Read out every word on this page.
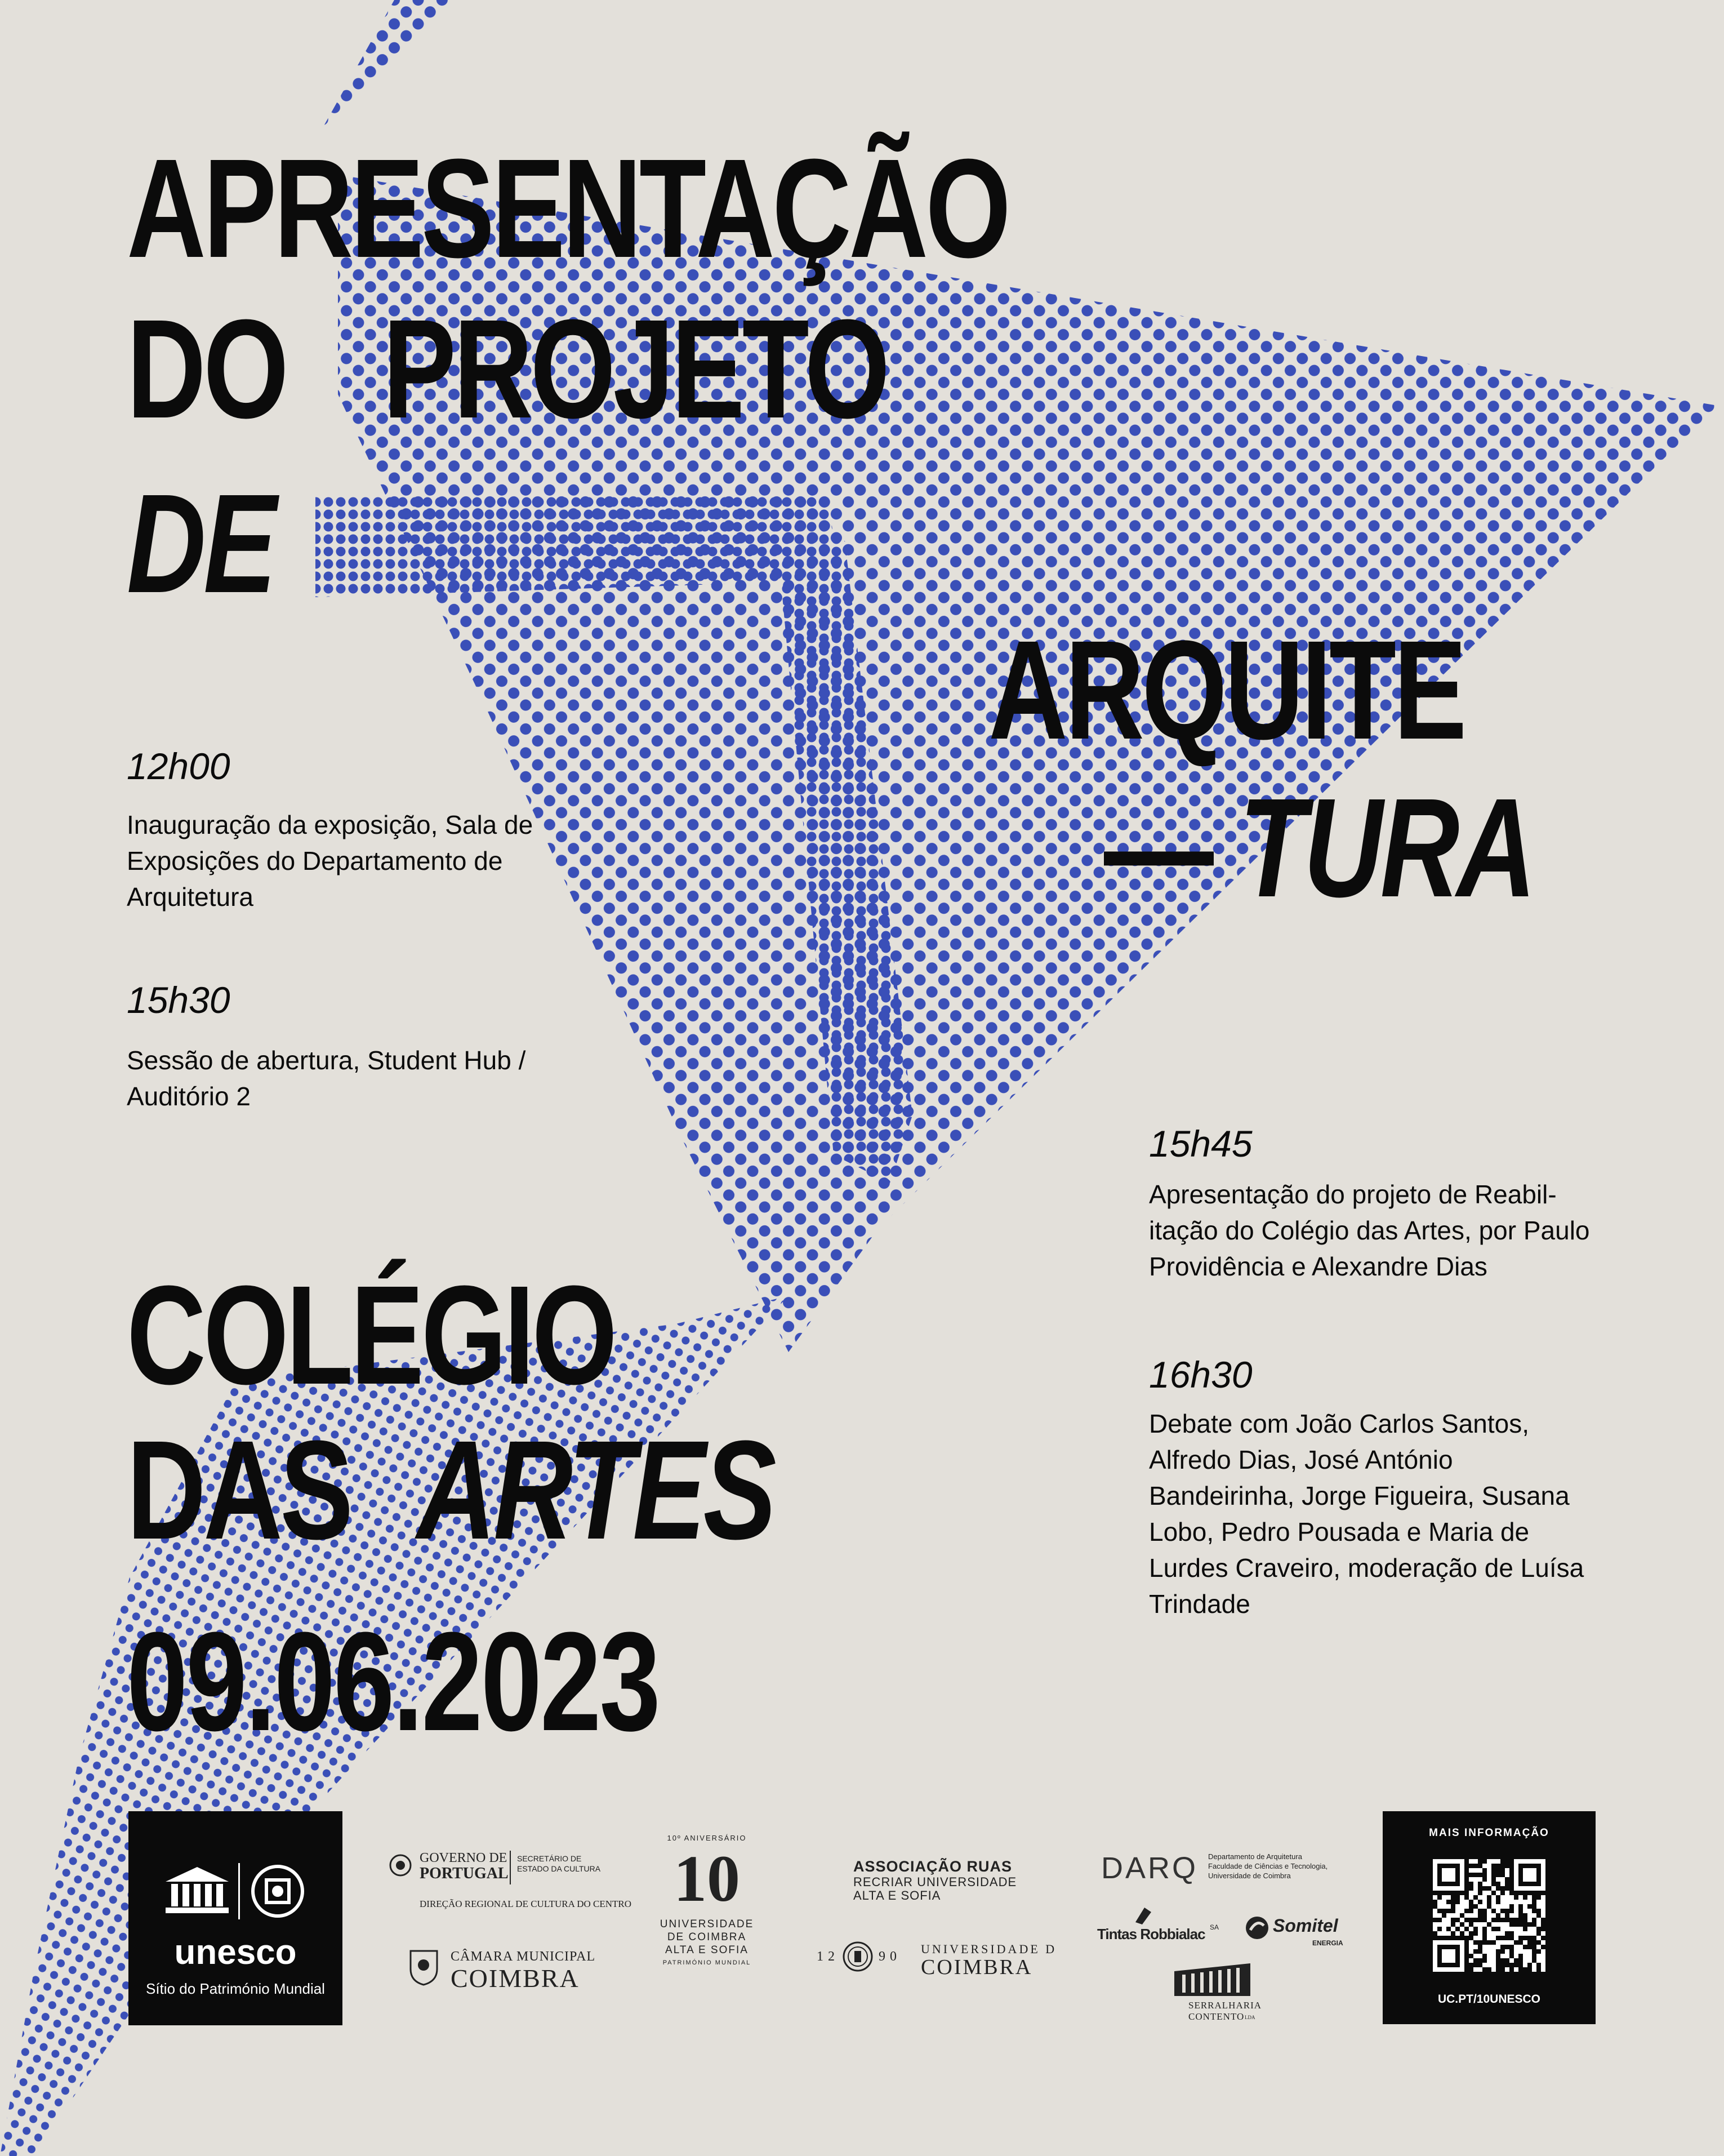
APRESENTAÇÃO
DO PROJETO
DE
ARQUITE
— TURA
COLÉGIO
DAS ARTES
09.06.2023
12h00
Inauguração da exposição, Sala de Exposições do Departamento de Arquitetura
15h30
Sessão de abertura, Student Hub / Auditório 2
15h45
Apresentação do projeto de Reabil-itação do Colégio das Artes, por Paulo Providência e Alexandre Dias
16h30
Debate com João Carlos Santos, Alfredo Dias, José António Bandeirinha, Jorge Figueira, Susana Lobo, Pedro Pousada e Maria de Lurdes Craveiro, moderação de Luísa Trindade
unesco
Sítio do Património Mundial
GOVERNO DE
PORTUGAL
SECRETÁRIO DE ESTADO DA CULTURA
DIREÇÃO REGIONAL DE CULTURA DO CENTRO
CÂMARA MUNICIPAL
COIMBRA
10º ANIVERSÁRIO
10
UNIVERSIDADE
DE COIMBRA
ALTA E SOFIA
PATRIMÓNIO MUNDIAL
ASSOCIAÇÃO RUAS
RECRIAR UNIVERSIDADE
ALTA E SOFIA
12	90
UNIVERSIDADE D
COIMBRA
DARQ Departamento de Arquitetura
Faculdade de Ciências e Tecnologia,
Universidade de Coimbra
Tintas Robbialac SA	Somitel
ENERGIA
SERRALHARIA
CONTENTO LDA
MAIS INFORMAÇÃO
UC.PT/10UNESCO
